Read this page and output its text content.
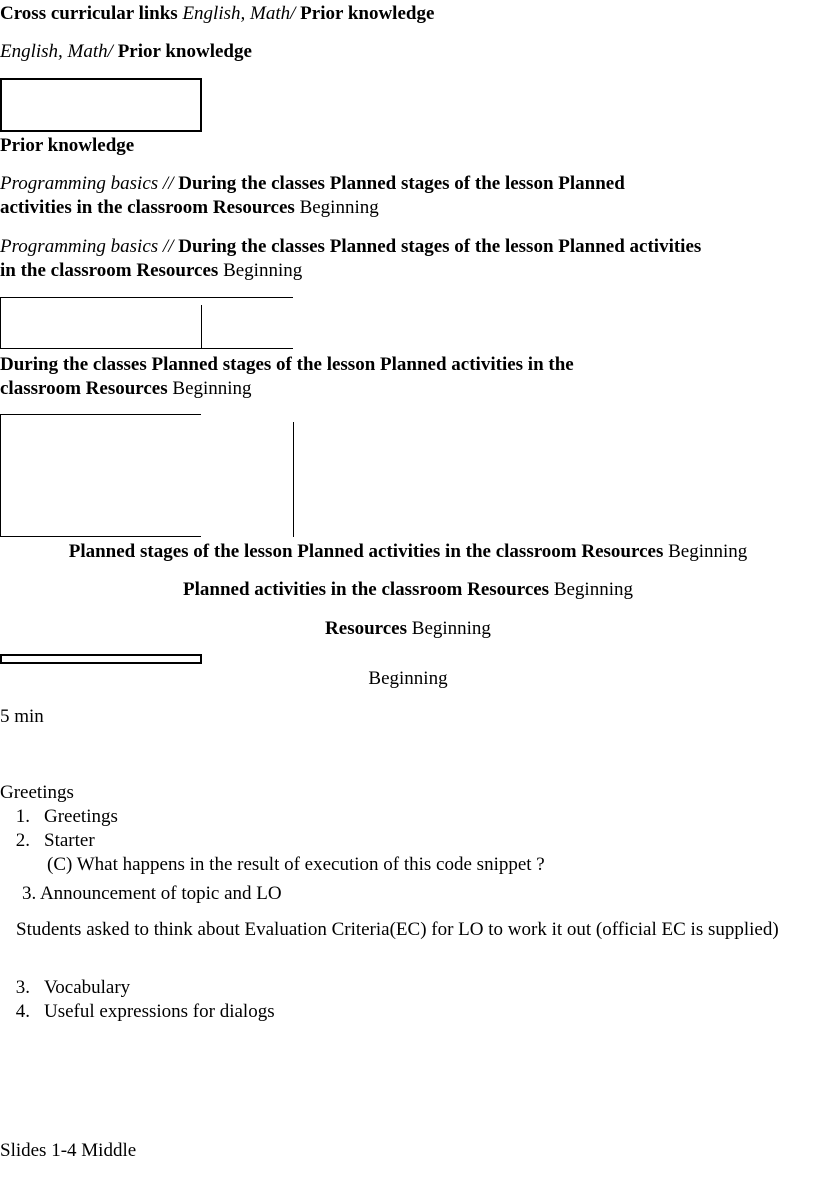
Cross curricular links English, Math/ Prior knowledge
English, Math/ Prior knowledge
Prior knowledge
Programming basics // During the classes Planned stages of the lesson Planned
activities in the classroom Resources Beginning
Programming basics // During the classes Planned stages of the lesson Planned activities
in the classroom Resources Beginning
During the classes Planned stages of the lesson Planned activities in the
classroom Resources Beginning
Planned stages of the lesson Planned activities in the classroom Resources Beginning
Planned activities in the classroom Resources Beginning
Resources Beginning
Beginning
5 min
Greetings
1. Greetings
2. Starter
(C) What happens in the result of execution of this code snippet ?
3. Announcement of topic and LO
Students asked to think about Evaluation Criteria(EC) for LO to work it out (official EC is supplied)
3. Vocabulary
4. Useful expressions for dialogs
Slides 1-4 Middle
